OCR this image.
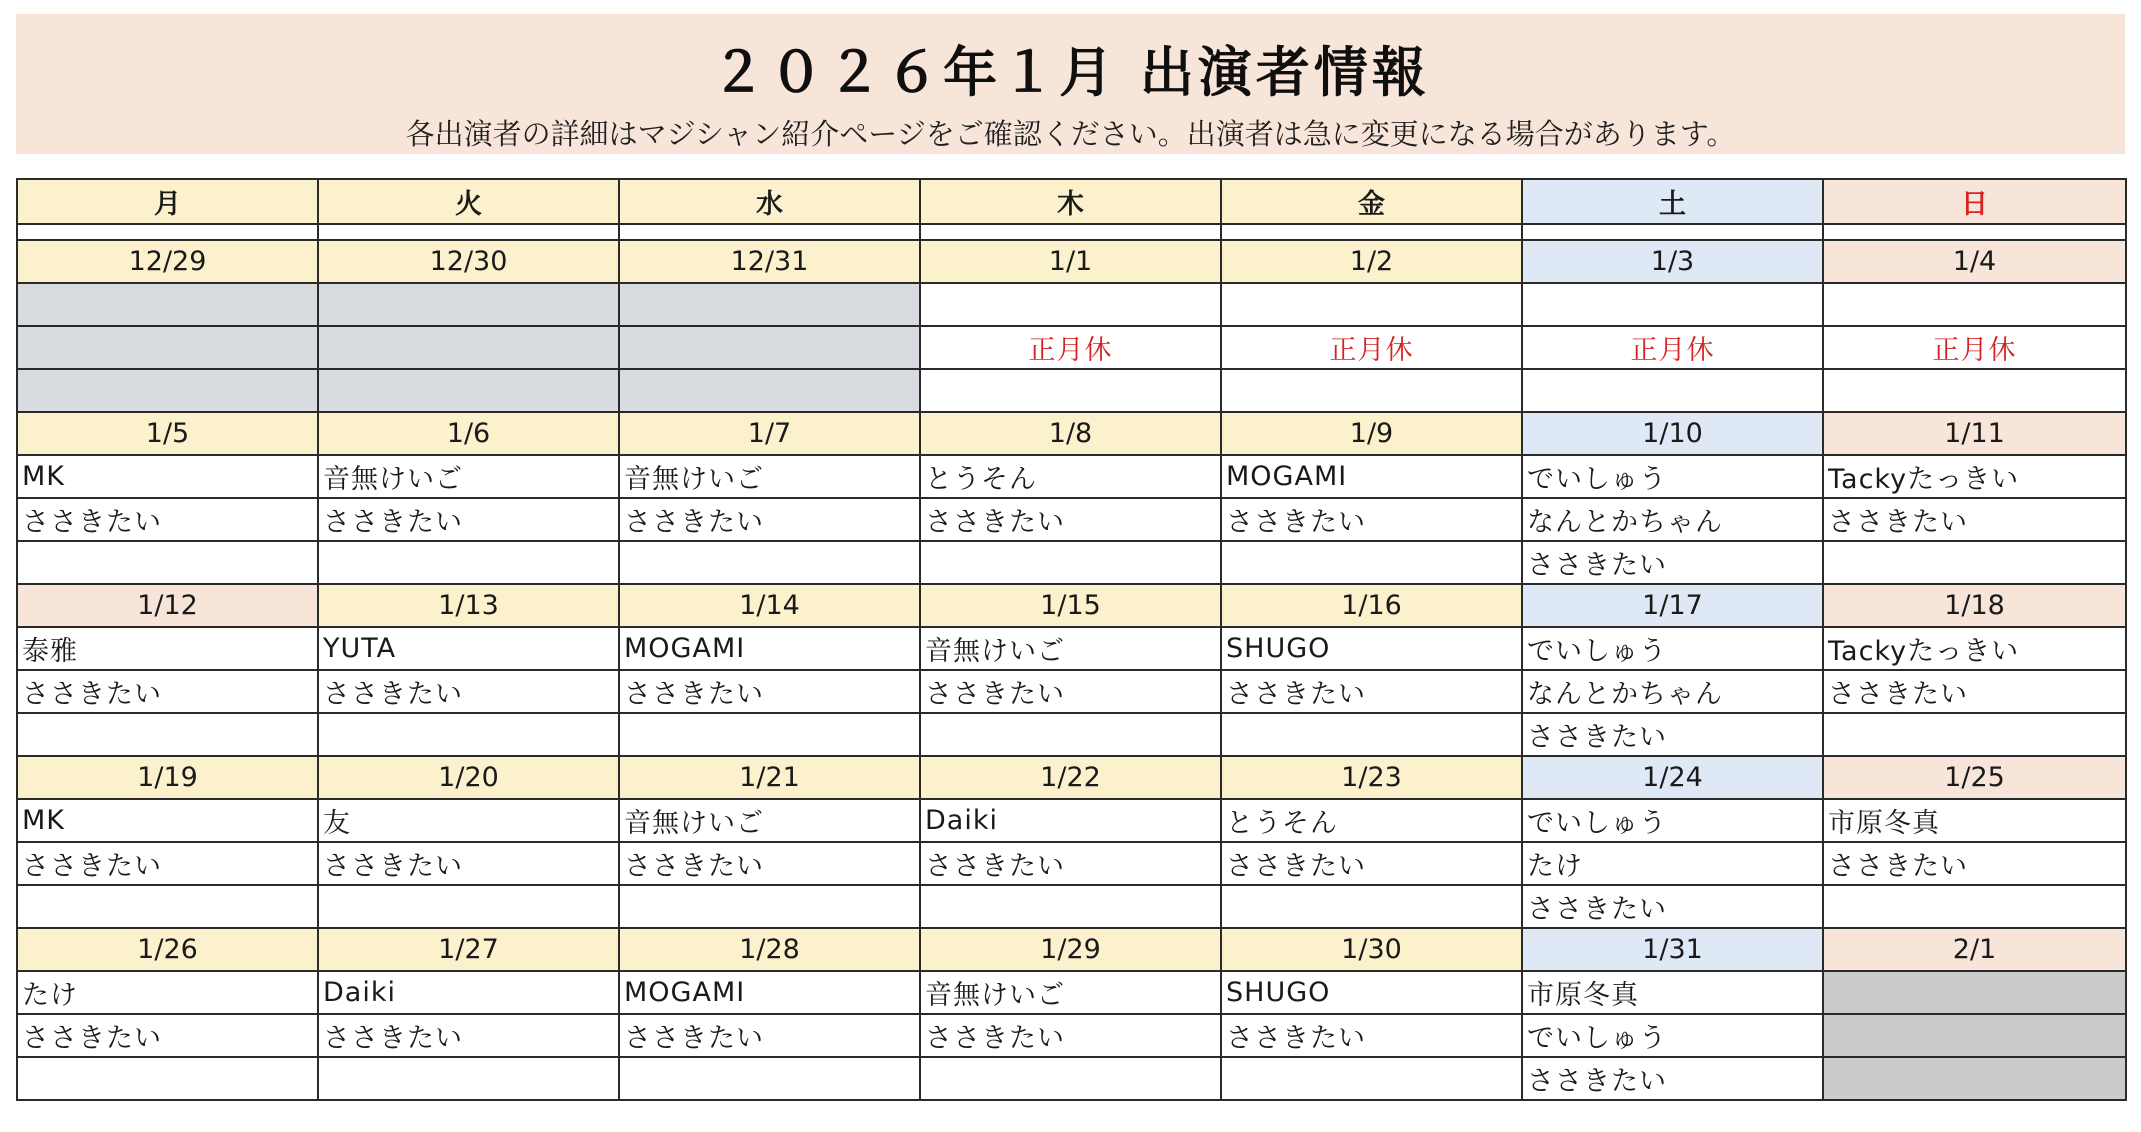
２０２６年１月 出演者情報
各出演者の詳細はマジシャン紹介ページをご確認ください。出演者は急に変更になる場合があります。
月	火	水	木	金	土	日

12/29	12/30	12/31	1/1	1/2	1/3	1/4

			正月休	正月休	正月休	正月休

1/5	1/6	1/7	1/8	1/9	1/10	1/11
MK	音無けいご	音無けいご	とうそん	MOGAMI	でいしゅう	Tackyたっきい
ささきたい	ささきたい	ささきたい	ささきたい	ささきたい	なんとかちゃん	ささきたい
					ささきたい	
1/12	1/13	1/14	1/15	1/16	1/17	1/18
泰雅	YUTA	MOGAMI	音無けいご	SHUGO	でいしゅう	Tackyたっきい
ささきたい	ささきたい	ささきたい	ささきたい	ささきたい	なんとかちゃん	ささきたい
					ささきたい	
1/19	1/20	1/21	1/22	1/23	1/24	1/25
MK	友	音無けいご	Daiki	とうそん	でいしゅう	市原冬真
ささきたい	ささきたい	ささきたい	ささきたい	ささきたい	たけ	ささきたい
					ささきたい	
1/26	1/27	1/28	1/29	1/30	1/31	2/1
たけ	Daiki	MOGAMI	音無けいご	SHUGO	市原冬真	
ささきたい	ささきたい	ささきたい	ささきたい	ささきたい	でいしゅう	
					ささきたい	
